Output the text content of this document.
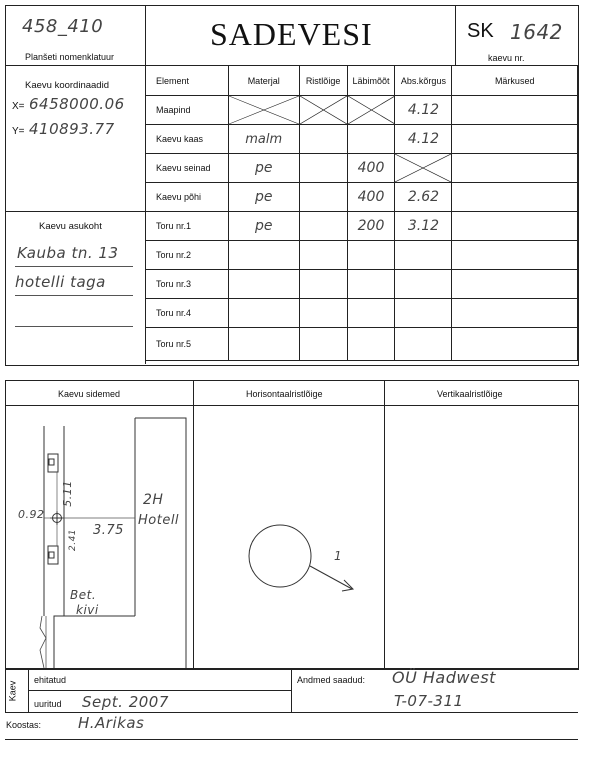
458_410
Planšeti nomenklatuur
SADEVESI	SK 1642
kaevu nr.
Kaevu koordinaadid
X= 6458000.06
Y= 410893.77
Kaevu asukoht
Kauba tn. 13
hotelli taga
Element	Materjal	Ristlõige	Läbimõõt	Abs.kõrgus	Märkused
Maapind				4.12	
Kaevu kaas	malm			4.12	
Kaevu seinad	pe		400	

Kaevu põhi	pe		400	2.62	
Toru nr.1	pe		200	3.12	
Toru nr.2					
Toru nr.3					
Toru nr.4					
Toru nr.5					
Kaevu sidemed	Horisontaalristlõige	Vertikaalristlõige
0.92
5.11
3.75
2.41
2H
Hotell
Bet.
kivi
1
Kaev
ehitatud
uuritud Sept. 2007
Andmed saadud: OÜ Hadwest
T-07-311
Koostas: H.Arikas
